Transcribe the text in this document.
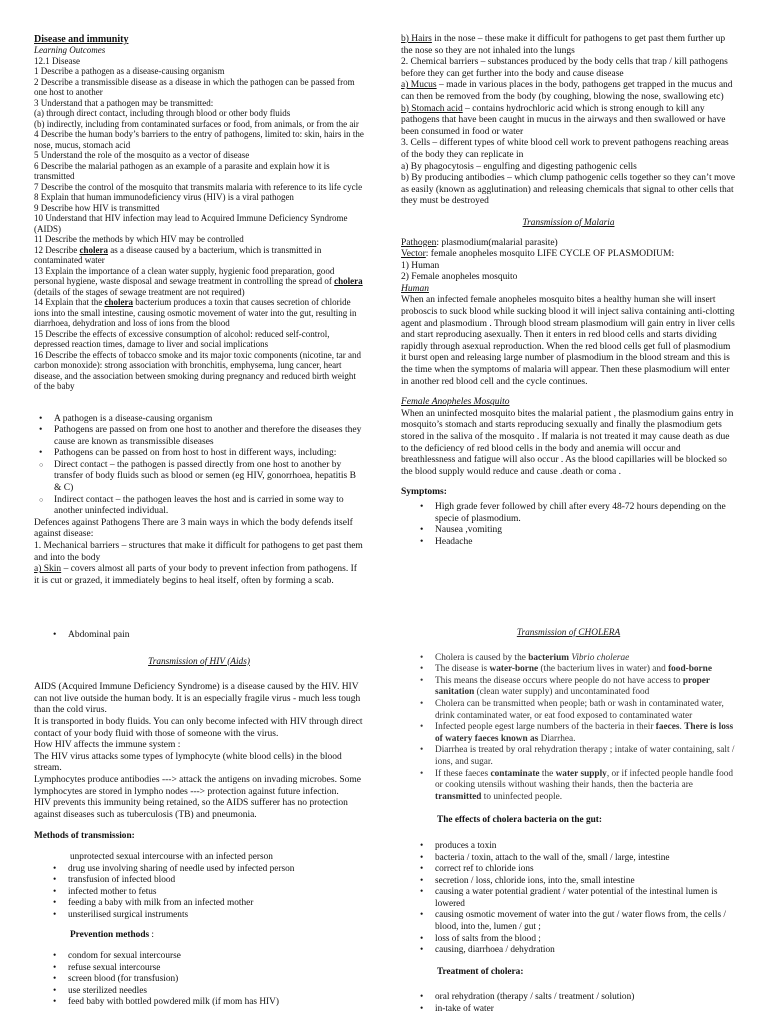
Disease and immunity

Learning Outcomes

12.1 Disease

1 Describe a pathogen as a disease-causing organism

2 Describe a transmissible disease as a disease in which the pathogen can be passed from one host to another

3 Understand that a pathogen may be transmitted:

(a) through direct contact, including through blood or other body fluids

(b) indirectly, including from contaminated surfaces or food, from animals, or from the air

4 Describe the human body’s barriers to the entry of pathogens, limited to: skin, hairs in the nose, mucus, stomach acid

5 Understand the role of the mosquito as a vector of disease

6 Describe the malarial pathogen as an example of a parasite and explain how it is transmitted

7 Describe the control of the mosquito that transmits malaria with reference to its life cycle

8 Explain that human immunodeficiency virus (HIV) is a viral pathogen

9 Describe how HIV is transmitted

10 Understand that HIV infection may lead to Acquired Immune Deficiency Syndrome (AIDS)

11 Describe the methods by which HIV may be controlled

12 Describe cholera as a disease caused by a bacterium, which is transmitted in contaminated water

13 Explain the importance of a clean water supply, hygienic food preparation, good personal hygiene, waste disposal and sewage treatment in controlling the spread of cholera (details of the stages of sewage treatment are not required)

14 Explain that the cholera bacterium produces a toxin that causes secretion of chloride ions into the small intestine, causing osmotic movement of water into the gut, resulting in diarrhoea, dehydration and loss of ions from the blood

15 Describe the effects of excessive consumption of alcohol: reduced self-control, depressed reaction times, damage to liver and social implications

16 Describe the effects of tobacco smoke and its major toxic components (nicotine, tar and carbon monoxide): strong association with bronchitis, emphysema, lung cancer, heart disease, and the association between smoking during pregnancy and reduced birth weight of the baby

• A pathogen is a disease-causing organism
• Pathogens are passed on from one host to another and therefore the diseases they cause are known as transmissible diseases
• Pathogens can be passed on from host to host in different ways, including:
○ Direct contact – the pathogen is passed directly from one host to another by transfer of body fluids such as blood or semen (eg HIV, gonorrhoea, hepatitis B & C)
○ Indirect contact – the pathogen leaves the host and is carried in some way to another uninfected individual.

Defences against Pathogens There are 3 main ways in which the body defends itself against disease:

1. Mechanical barriers – structures that make it difficult for pathogens to get past them and into the body

a) Skin – covers almost all parts of your body to prevent infection from pathogens. If it is cut or grazed, it immediately begins to heal itself, often by forming a scab.

b) Hairs in the nose – these make it difficult for pathogens to get past them further up the nose so they are not inhaled into the lungs

2. Chemical barriers – substances produced by the body cells that trap / kill pathogens before they can get further into the body and cause disease

a) Mucus – made in various places in the body, pathogens get trapped in the mucus and can then be removed from the body (by coughing, blowing the nose, swallowing etc)

b) Stomach acid – contains hydrochloric acid which is strong enough to kill any pathogens that have been caught in mucus in the airways and then swallowed or have been consumed in food or water

3. Cells – different types of white blood cell work to prevent pathogens reaching areas of the body they can replicate in

a) By phagocytosis – engulfing and digesting pathogenic cells

b) By producing antibodies – which clump pathogenic cells together so they can’t move as easily (known as agglutination) and releasing chemicals that signal to other cells that they must be destroyed

Transmission of Malaria

Pathogen: plasmodium(malarial parasite)

Vector: female anopheles mosquito LIFE CYCLE OF PLASMODIUM:

1) Human

2) Female anopheles mosquito

Human

When an infected female anopheles mosquito bites a healthy human she will insert proboscis to suck blood while sucking blood it will inject saliva containing anti-clotting agent and plasmodium . Through blood stream plasmodium will gain entry in liver cells and start reproducing asexually. Then it enters in red blood cells and starts dividing rapidly through asexual reproduction. When the red blood cells get full of plasmodium it burst open and releasing large number of plasmodium in the blood stream and this is the time when the symptoms of malaria will appear. Then these plasmodium will enter in another red blood cell and the cycle continues.

Female Anopheles Mosquito

When an uninfected mosquito bites the malarial patient , the plasmodium gains entry in mosquito’s stomach and starts reproducing sexually and finally the plasmodium gets stored in the saliva of the mosquito . If malaria is not treated it may cause death as due to the deficiency of red blood cells in the body and anemia will occur and breathlessness and fatigue will also occur . As the blood capillaries will be blocked so the blood supply would reduce and cause .death or coma .

Symptoms:

• High grade fever followed by chill after every 48-72 hours depending on the specie of plasmodium.
• Nausea ,vomiting
• Headache
• Abdominal pain

Transmission of HIV (Aids)

AIDS (Acquired Immune Deficiency Syndrome) is a disease caused by the HIV. HIV can not live outside the human body. It is an especially fragile virus - much less tough than the cold virus.

It is transported in body fluids. You can only become infected with HIV through direct contact of your body fluid with those of someone with the virus.

How HIV affects the immune system :

The HIV virus attacks some types of lymphocyte (white blood cells) in the blood stream.

Lymphocytes produce antibodies ---> attack the antigens on invading microbes. Some lymphocytes are stored in lympho nodes ---> protection against future infection.

HIV prevents this immunity being retained, so the AIDS sufferer has no protection against diseases such as tuberculosis (TB) and pneumonia.

Methods of transmission:

unprotected sexual intercourse with an infected person

• drug use involving sharing of needle used by infected person
• transfusion of infected blood
• infected mother to fetus
• feeding a baby with milk from an infected mother
• unsterilised surgical instruments

Prevention methods :

• condom for sexual intercourse
• refuse sexual intercourse
• screen blood (for transfusion)
• use sterilized needles
• feed baby with bottled powdered milk (if mom has HIV)

Transmission of CHOLERA

• Cholera is caused by the bacterium Vibrio cholerae
• The disease is water-borne (the bacterium lives in water) and food-borne
• This means the disease occurs where people do not have access to proper sanitation (clean water supply) and uncontaminated food
• Cholera can be transmitted when people; bath or wash in contaminated water, drink contaminated water, or eat food exposed to contaminated water
• Infected people egest large numbers of the bacteria in their faeces. There is loss of watery faeces known as Diarrhea.
• Diarrhea is treated by oral rehydration therapy ; intake of water containing, salt / ions, and sugar.
• If these faeces contaminate the water supply, or if infected people handle food or cooking utensils without washing their hands, then the bacteria are transmitted to uninfected people.

The effects of cholera bacteria on the gut:

• produces a toxin
• bacteria / toxin, attach to the wall of the, small / large, intestine
• correct ref to chloride ions
• secretion / loss, chloride ions, into the, small intestine
• causing a water potential gradient / water potential of the intestinal lumen is lowered
• causing osmotic movement of water into the gut / water flows from, the cells / blood, into the, lumen / gut ;
• loss of salts from the blood ;
• causing, diarrhoea / dehydration

Treatment of cholera:

• oral rehydration (therapy / salts / treatment / solution)
• in-take of water
